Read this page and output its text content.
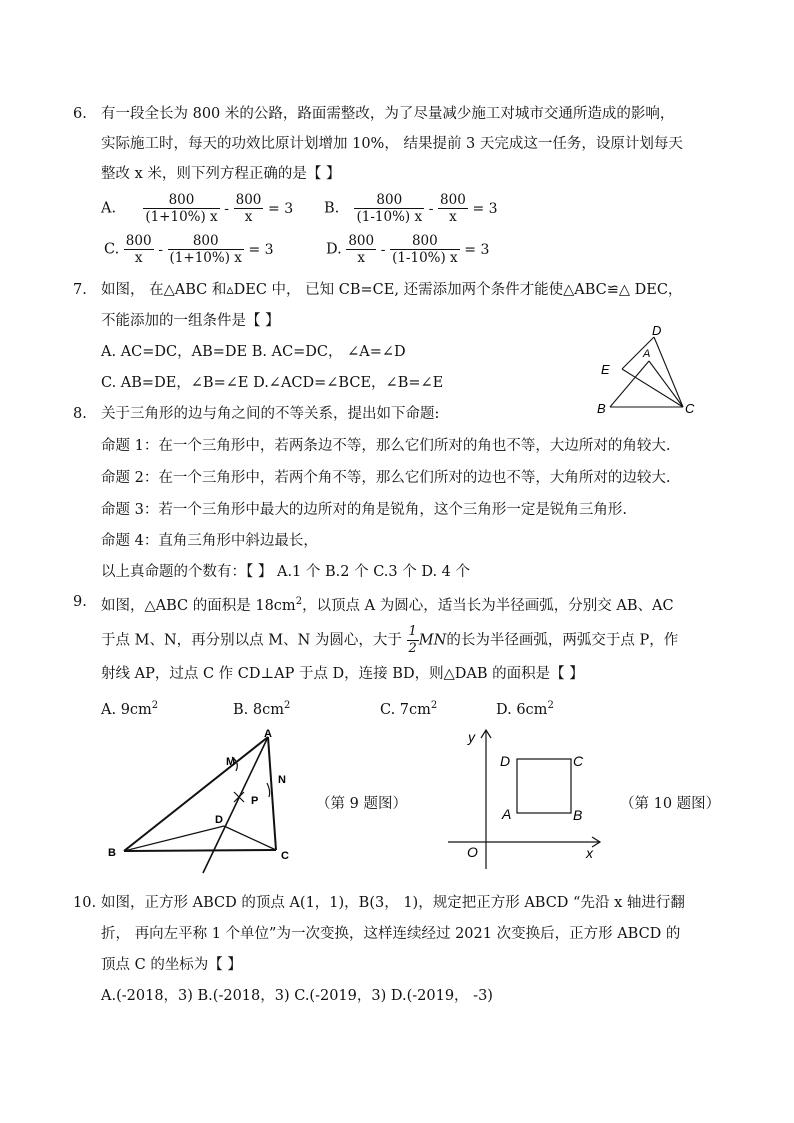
6. 有一段全长为 800 米的公路，路面需整改，为了尽量减少施工对城市交通所造成的影响，
实际施工时，每天的功效比原计划增加 10%， 结果提前 3 天完成这一任务，设原计划每天
整改 x 米，则下列方程正确的是【 】
A. $\frac{800}{(1+10\%) x} - \frac{800}{x} = 3$ B. $\frac{800}{(1-10\%) x} - \frac{800}{x} = 3$
C. $\frac{800}{x} - \frac{800}{(1+10\%) x} = 3$	D. $\frac{800}{x} - \frac{800}{(1-10\%) x} = 3$
7. 如图， 在△ABC 和▵DEC 中， 已知 CB=CE, 还需添加两个条件才能使△ABC≌△ DEC，
不能添加的一组条件是【 】
A. AC=DC，AB=DE B. AC=DC， ∠A=∠D
C. AB=DE，∠B=∠E D.∠ACD=∠BCE，∠B=∠E
D
A
E
B	C
8. 关于三角形的边与角之间的不等关系，提出如下命题:
命题 1：在一个三角形中，若两条边不等，那么它们所对的角也不等，大边所对的角较大.
命题 2：在一个三角形中，若两个角不等，那么它们所对的边也不等，大角所对的边较大.
命题 3：若一个三角形中最大的边所对的角是锐角，这个三角形一定是锐角三角形.
命题 4：直角三角形中斜边最长，
以上真命题的个数有：【 】 A.1 个 B.2 个 C.3 个 D. 4 个
9. 如图，△ABC 的面积是 $18cm^2$，以顶点 A 为圆心，适当长为半径画弧，分别交 AB、AC
于点 M、N，再分别以点 M、N 为圆心，大于 $\frac{1}{2}$ MN的长为半径画弧，两弧交于点 P，作
射线 AP，过点 C 作 CD⊥AP 于点 D，连接 BD，则△DAB 的面积是【 】
A. $9cm^2$	B. $8cm^2$	C. $7cm^2$	D. $6cm^2$
A
B	C
D
M
N
P	（第 9 题图）
y
x
O
A	B
C
D
（第 10 题图）
10. 如图，正方形 ABCD 的顶点 A(1，1)，B(3， 1)，规定把正方形 ABCD “先沿 x 轴进行翻
折， 再向左平称 1 个单位”为一次变换，这样连续经过 2021 次变换后，正方形 ABCD 的
顶点 C 的坐标为【 】
A.(-2018，3) B.(-2018，3) C.(-2019，3) D.(-2019， -3)
